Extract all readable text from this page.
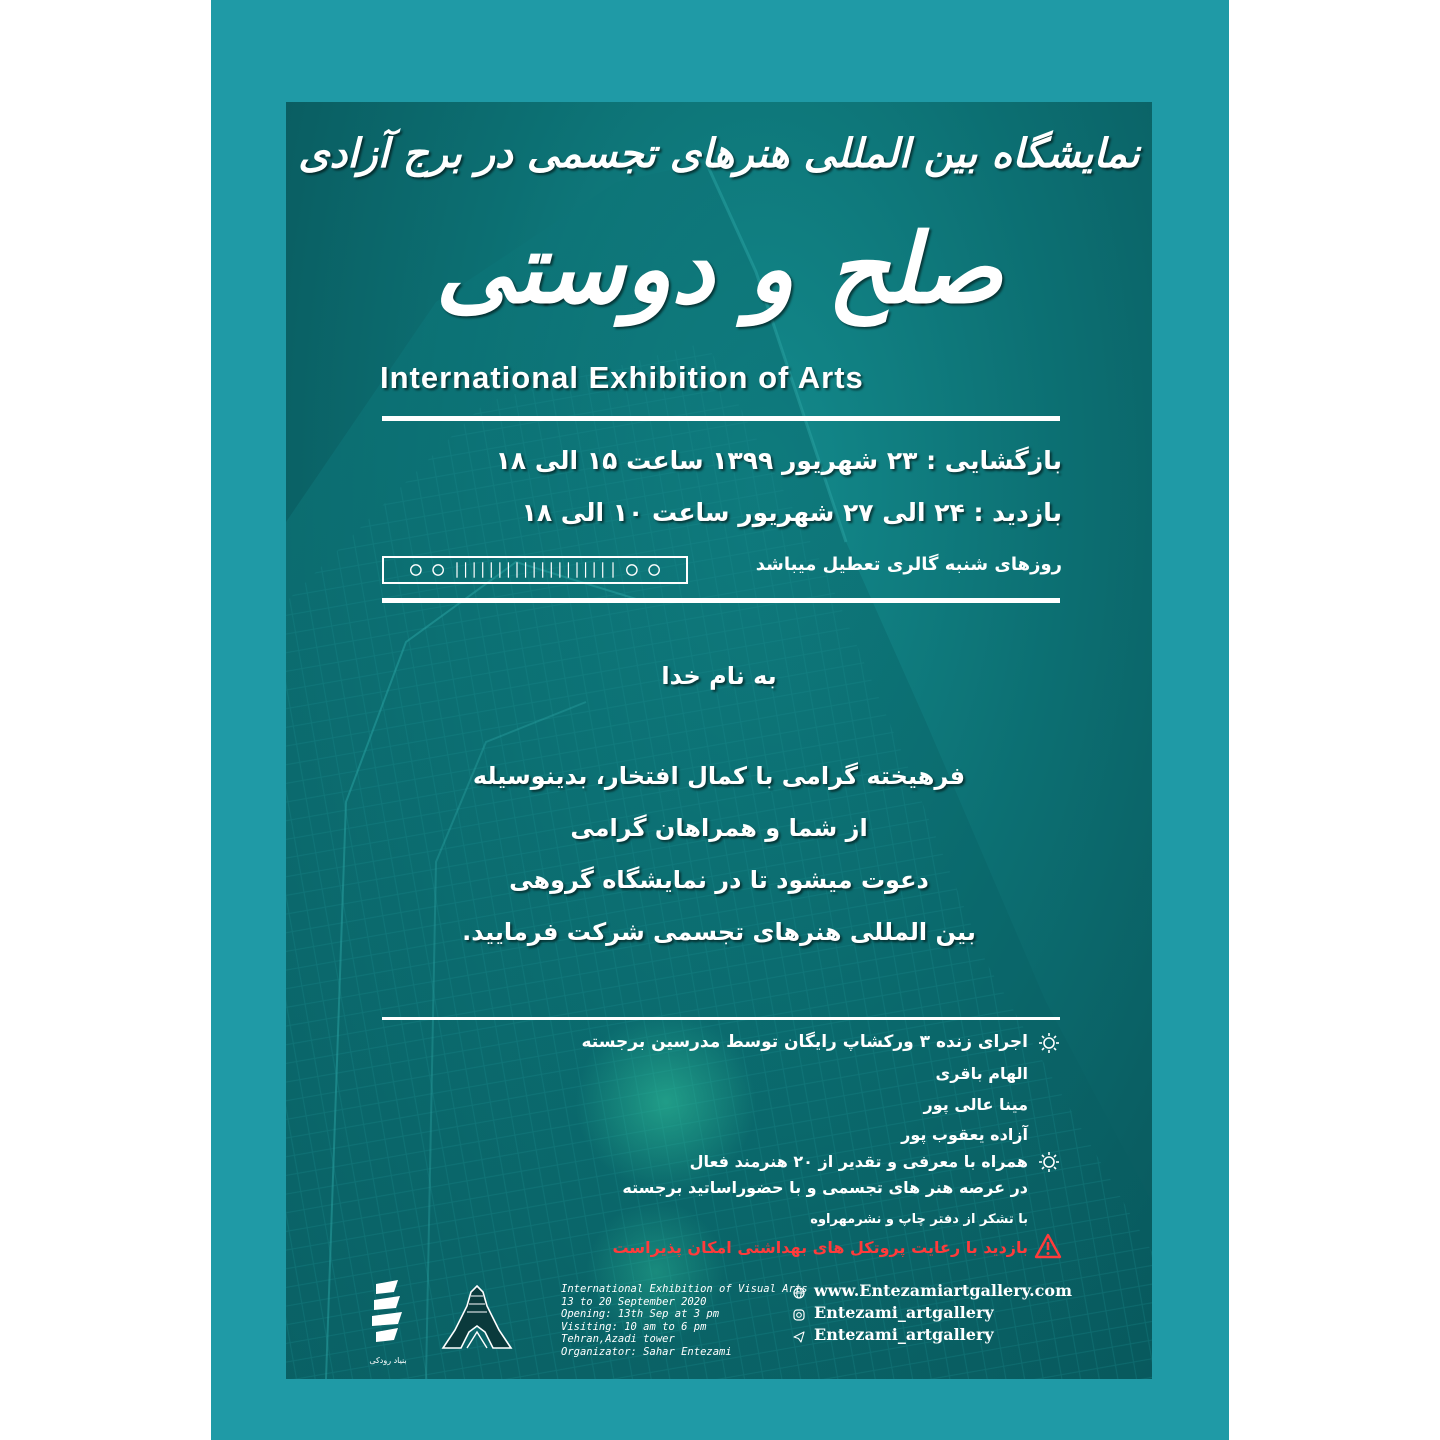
نمایشگاه بین المللی هنرهای تجسمی در برج آزادی
صلح و دوستی
International Exhibition of Arts
بازگشایی : ۲۳ شهریور ۱۳۹۹ ساعت ۱۵ الی ۱۸
بازدید : ۲۴ الی ۲۷ شهریور ساعت ۱۰ الی ۱۸
روزهای شنبه گالری تعطیل میباشد
به نام خدا
فرهیخته گرامی با کمال افتخار، بدینوسیله
از شما و همراهان گرامی
دعوت میشود تا در نمایشگاه گروهی
بین المللی هنرهای تجسمی شرکت فرمایید.
اجرای زنده ۳ ورکشاپ رایگان توسط مدرسین برجسته
الهام باقری
مینا عالی پور
آزاده یعقوب پور
همراه با معرفی و تقدیر از ۲۰ هنرمند فعال
در عرصه هنر های تجسمی و با حضوراساتید برجسته
با تشکر از دفتر چاپ و نشرمهراوه
بازدید با رعایت پروتکل های بهداشتی امکان پذیراست
بنیاد رودکی
International Exhibition of Visual Arts
13 to 20 September 2020
Opening: 13th Sep at 3 pm
Visiting: 10 am to 6 pm
Tehran,Azadi tower
Organizator: Sahar Entezami
www.Entezamiartgallery.com
Entezami_artgallery
Entezami_artgallery
